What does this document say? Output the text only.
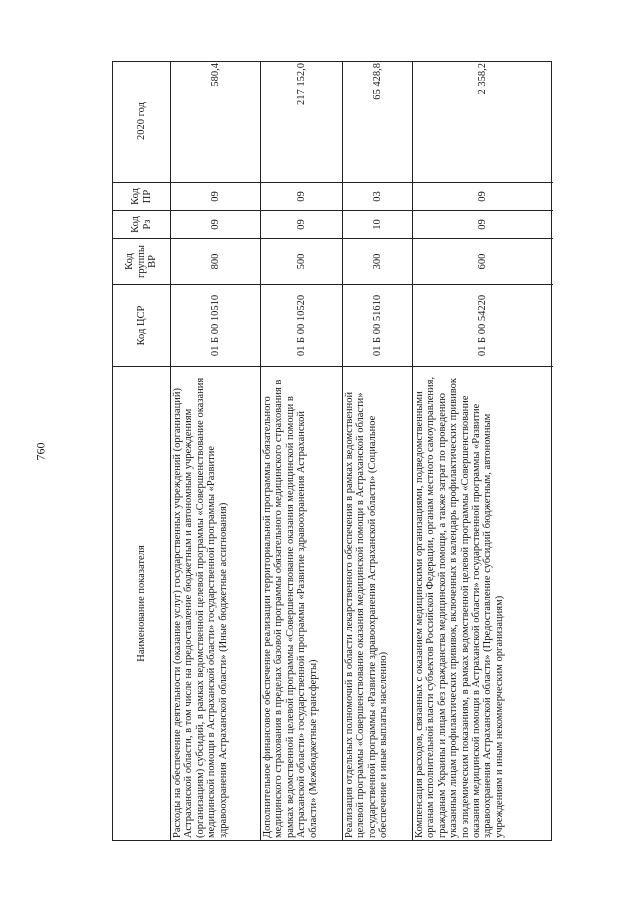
760
Наименование показателя
Код ЦСР
Код группы ВР
Код Рз
Код ПР
2020 год
Расходы на обеспечение деятельности (оказание услуг) государственных учреждений (организаций) Астраханской области, в том числе на предоставление бюджетным и автономным учреждениям (организациям) субсидий, в рамках ведомственной целевой программы «Совершенствование оказания медицинской помощи в Астраханской области» государственной программы «Развитие здравоохранения Астраханской области» (Иные бюджетные ассигнования)
01 Б 00 10510
800
09
09
580,4
Дополнительное финансовое обеспечение реализации территориальной программы обязательного медицинского страхования в пределах базовой программы обязательного медицинского страхования в рамках ведомственной целевой программы «Совершенствование оказания медицинской помощи в Астраханской области» государственной программы «Развитие здравоохранения Астраханской области» (Межбюджетные трансферты)
01 Б 00 10520
500
09
09
217 152,0
Реализация отдельных полномочий в области лекарственного обеспечения в рамках ведомственной целевой программы «Совершенствование оказания медицинской помощи в Астраханской области» государственной программы «Развитие здравоохранения Астраханской области» (Социальное обеспечение и иные выплаты населению)
01 Б 00 51610
300
10
03
65 428,8
Компенсация расходов, связанных с оказанием медицинскими организациями, подведомственными органам исполнительной власти субъектов Российской Федерации, органам местного самоуправления, гражданам Украины и лицам без гражданства медицинской помощи, а также затрат по проведению указанным лицам профилактических прививок, включенных в календарь профилактических прививок по эпидемическим показаниям, в рамках ведомственной целевой программы «Совершенствование оказания медицинской помощи в Астраханской области» государственной программы «Развитие здравоохранения Астраханской области» (Предоставление субсидий бюджетным, автономным учреждениям и иным некоммерческим организациям)
01 Б 00 54220
600
09
09
2 358,2
